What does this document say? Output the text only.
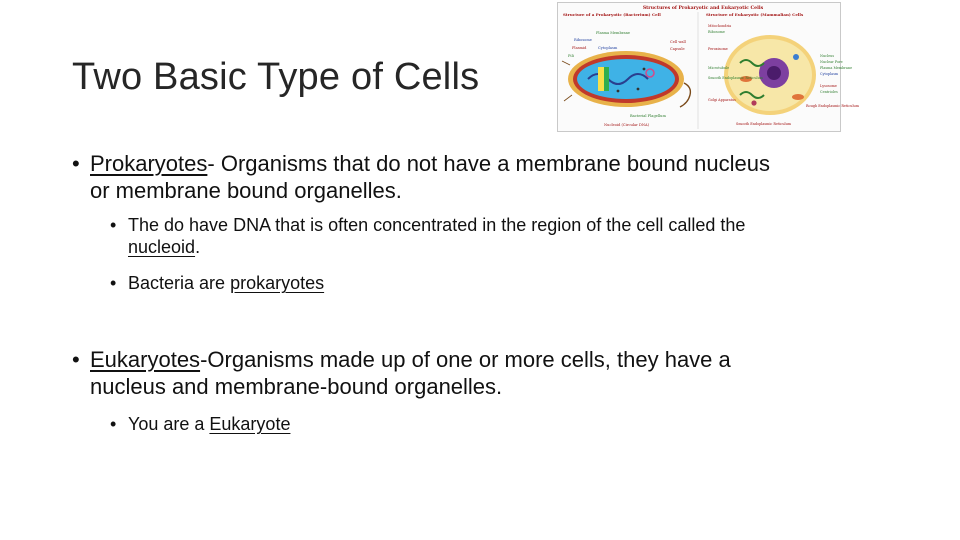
Two Basic Type of Cells
Structures of Prokaryotic and Eukaryotic Cells
Structure of a Prokaryotic (Bacterium) Cell	Structure of Eukaryotic (Mammalian) Cells
Plasma Membrane
Ribosome
Plasmid	Cytoplasm
Pili
Cell wall
Capsule
Bacterial Flagellum
Nucleoid (Circular DNA)
Mitochondria
Ribosome
Peroxisome
Microtubule
Smooth Endoplasmic Reticulum
Golgi Apparatus
Nucleus
Nuclear Pore
Plasma Membrane
Cytoplasm
Lysosome
Centrioles
Rough Endoplasmic Reticulum
Smooth Endoplasmic Reticulum
• Prokaryotes- Organisms that do not have a membrane bound nucleus
or membrane bound organelles.
• The do have DNA that is often concentrated in the region of the cell called the
nucleoid.
• Bacteria are prokaryotes
• Eukaryotes-Organisms made up of one or more cells, they have a
nucleus and membrane-bound organelles.
• You are a Eukaryote
